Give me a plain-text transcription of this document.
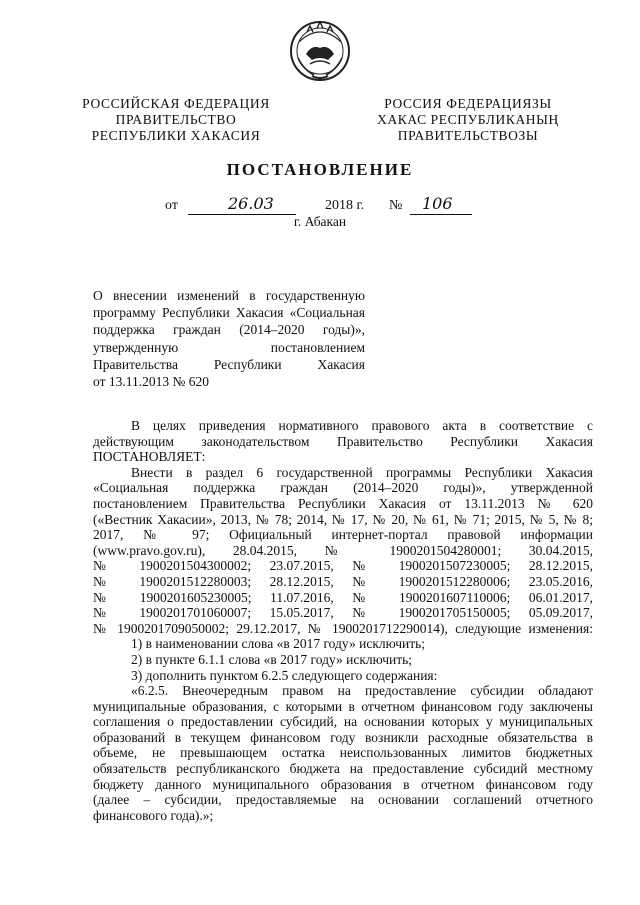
РОССИЙСКАЯ ФЕДЕРАЦИЯ
ПРАВИТЕЛЬСТВО
РЕСПУБЛИКИ ХАКАСИЯ
РОССИЯ ФЕДЕРАЦИЯЗЫ
ХАКАС РЕСПУБЛИКАНЫҢ
ПРАВИТЕЛЬСТВОЗЫ
ПОСТАНОВЛЕНИЕ
от	26.03	2018 г. № 106
г. Абакан
О внесении изменений в государственную
программу Республики Хакасия «Социальная
поддержка граждан (2014–2020 годы)»,
утвержденную постановлением
Правительства Республики Хакасия
от 13.11.2013 № 620
В целях приведения нормативного правового акта в соответствие с
действующим законодательством Правительство Республики Хакасия
ПОСТАНОВЛЯЕТ:
Внести в раздел 6 государственной программы Республики Хакасия
«Социальная поддержка граждан (2014–2020 годы)», утвержденной
постановлением Правительства Республики Хакасия от 13.11.2013 № 620
(«Вестник Хакасии», 2013, № 78; 2014, № 17, № 20, № 61, № 71; 2015, № 5, № 8;
2017, № 97; Официальный интернет-портал правовой информации
(www.pravo.gov.ru), 28.04.2015, № 1900201504280001; 30.04.2015,
№ 1900201504300002; 23.07.2015, № 1900201507230005; 28.12.2015,
№ 1900201512280003; 28.12.2015, № 1900201512280006; 23.05.2016,
№ 1900201605230005; 11.07.2016, № 1900201607110006; 06.01.2017,
№ 1900201701060007; 15.05.2017, № 1900201705150005; 05.09.2017,
№ 1900201709050002; 29.12.2017, № 1900201712290014), следующие изменения:
1) в наименовании слова «в 2017 году» исключить;
2) в пункте 6.1.1 слова «в 2017 году» исключить;
3) дополнить пунктом 6.2.5 следующего содержания:
«6.2.5. Внеочередным правом на предоставление субсидии обладают
муниципальные образования, с которыми в отчетном финансовом году заключены
соглашения о предоставлении субсидий, на основании которых у муниципальных
образований в текущем финансовом году возникли расходные обязательства в
объеме, не превышающем остатка неиспользованных лимитов бюджетных
обязательств республиканского бюджета на предоставление субсидий местному
бюджету данного муниципального образования в отчетном финансовом году
(далее – субсидии, предоставляемые на основании соглашений отчетного
финансового года).»;
